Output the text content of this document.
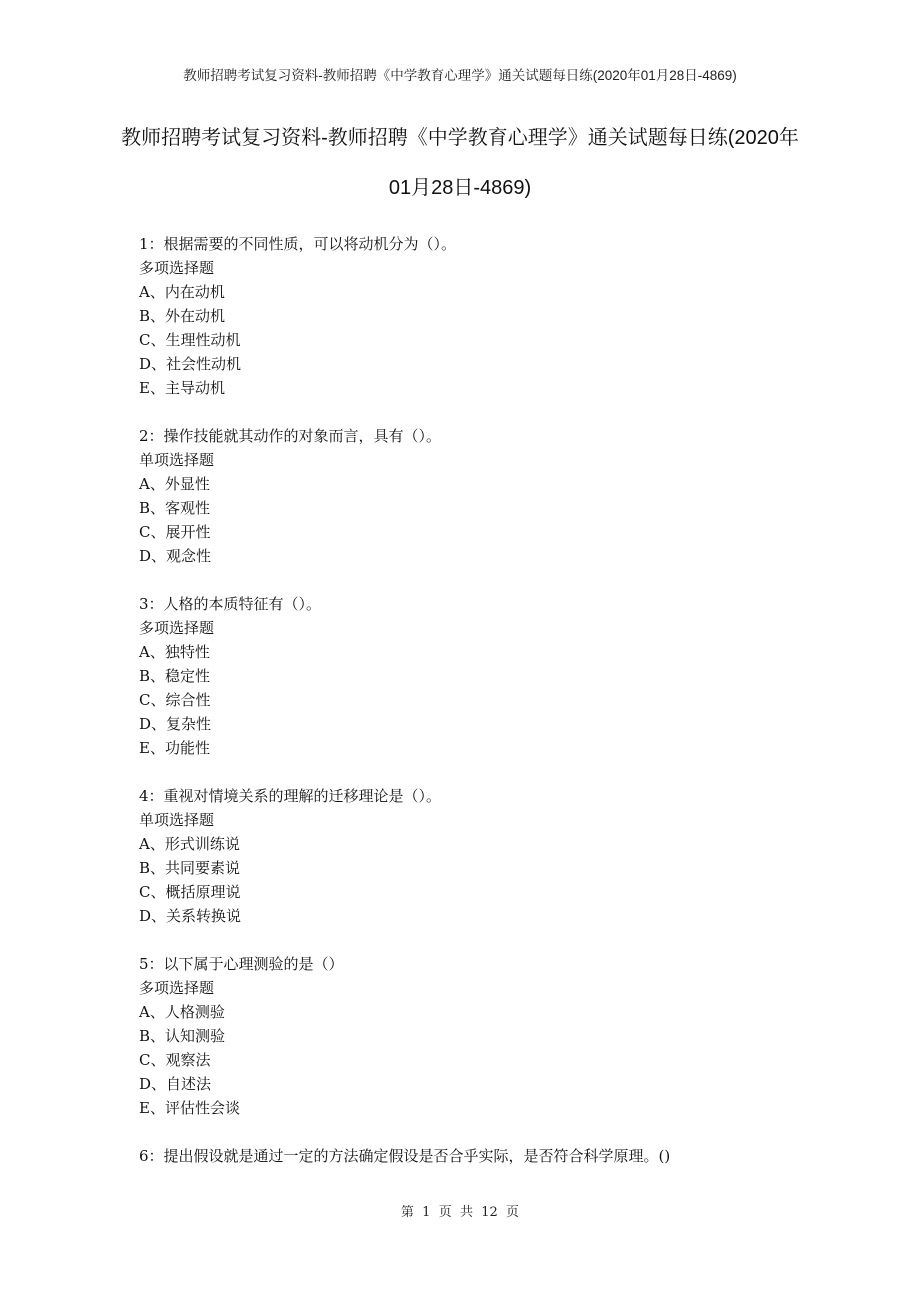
教师招聘考试复习资料-教师招聘《中学教育心理学》通关试题每日练(2020年01月28日-4869)
教师招聘考试复习资料-教师招聘《中学教育心理学》通关试题每日练(2020年
01月28日-4869)
1：根据需要的不同性质，可以将动机分为（）。
多项选择题
A、内在动机
B、外在动机
C、生理性动机
D、社会性动机
E、主导动机
2：操作技能就其动作的对象而言，具有（）。
单项选择题
A、外显性
B、客观性
C、展开性
D、观念性
3：人格的本质特征有（）。
多项选择题
A、独特性
B、稳定性
C、综合性
D、复杂性
E、功能性
4：重视对情境关系的理解的迁移理论是（）。
单项选择题
A、形式训练说
B、共同要素说
C、概括原理说
D、关系转换说
5：以下属于心理测验的是（）
多项选择题
A、人格测验
B、认知测验
C、观察法
D、自述法
E、评估性会谈
6：提出假设就是通过一定的方法确定假设是否合乎实际，是否符合科学原理。()
第  1  页  共  12  页
